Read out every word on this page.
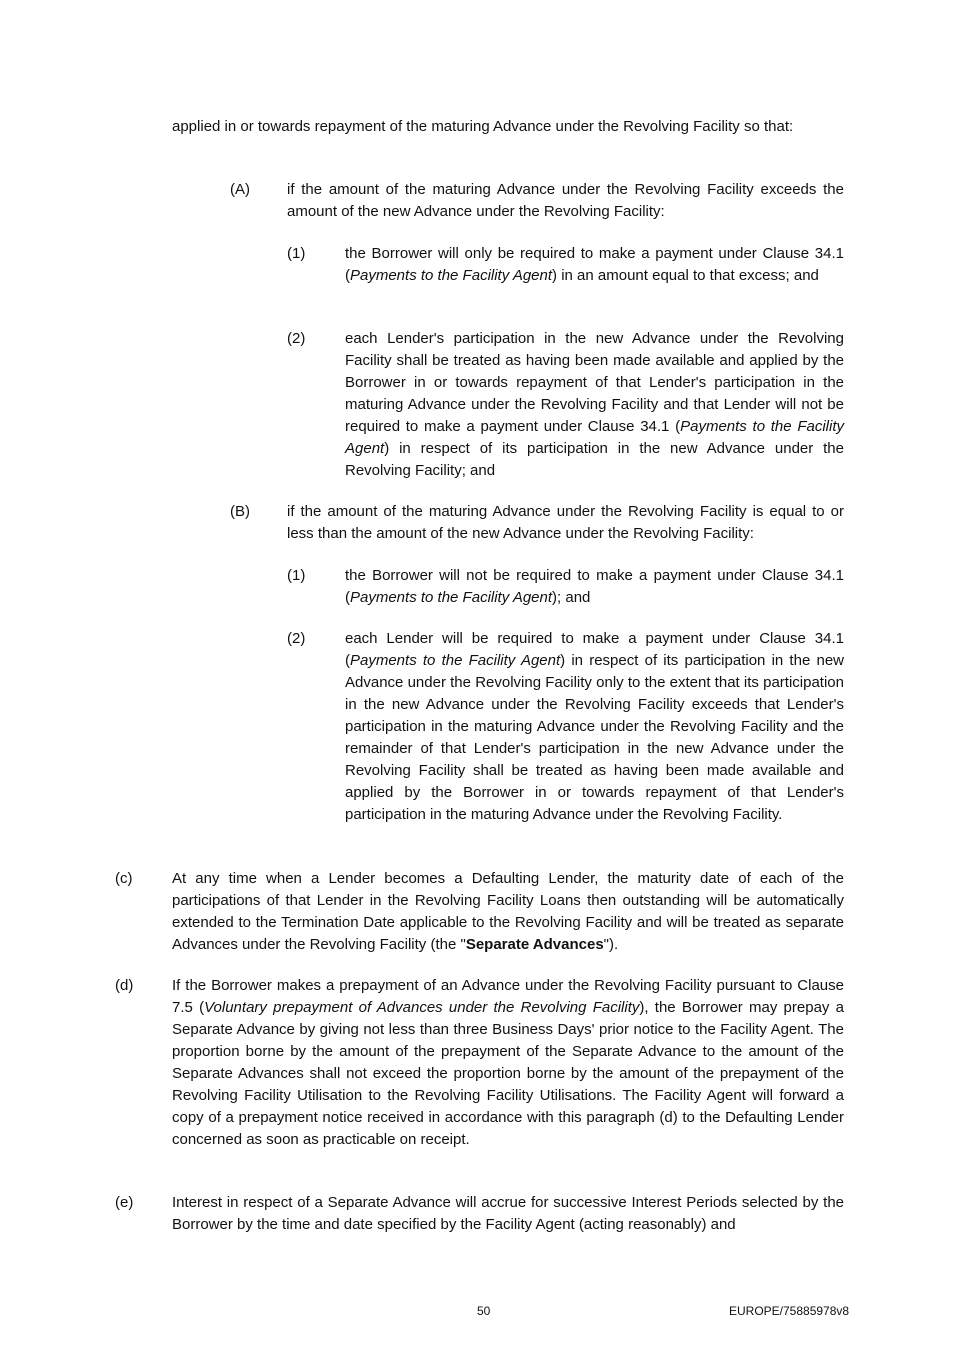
applied in or towards repayment of the maturing Advance under the Revolving Facility so that:

(A) if the amount of the maturing Advance under the Revolving Facility exceeds the amount of the new Advance under the Revolving Facility:

(1)	the Borrower will only be required to make a payment under Clause 34.1 (Payments to the Facility Agent) in an amount equal to that excess; and

(2)	each Lender's participation in the new Advance under the Revolving Facility shall be treated as having been made available and applied by the Borrower in or towards repayment of that Lender's participation in the maturing Advance under the Revolving Facility and that Lender will not be required to make a payment under Clause 34.1 (Payments to the Facility Agent) in respect of its participation in the new Advance under the Revolving Facility; and

(B) if the amount of the maturing Advance under the Revolving Facility is equal to or less than the amount of the new Advance under the Revolving Facility:

(1)	the Borrower will not be required to make a payment under Clause 34.1 (Payments to the Facility Agent); and

(2)	each Lender will be required to make a payment under Clause 34.1 (Payments to the Facility Agent) in respect of its participation in the new Advance under the Revolving Facility only to the extent that its participation in the new Advance under the Revolving Facility exceeds that Lender's participation in the maturing Advance under the Revolving Facility and the remainder of that Lender's participation in the new Advance under the Revolving Facility shall be treated as having been made available and applied by the Borrower in or towards repayment of that Lender's participation in the maturing Advance under the Revolving Facility.

(c)	At any time when a Lender becomes a Defaulting Lender, the maturity date of each of the participations of that Lender in the Revolving Facility Loans then outstanding will be automatically extended to the Termination Date applicable to the Revolving Facility and will be treated as separate Advances under the Revolving Facility (the "Separate Advances").

(d)	If the Borrower makes a prepayment of an Advance under the Revolving Facility pursuant to Clause 7.5 (Voluntary prepayment of Advances under the Revolving Facility), the Borrower may prepay a Separate Advance by giving not less than three Business Days' prior notice to the Facility Agent. The proportion borne by the amount of the prepayment of the Separate Advance to the amount of the Separate Advances shall not exceed the proportion borne by the amount of the prepayment of the Revolving Facility Utilisation to the Revolving Facility Utilisations. The Facility Agent will forward a copy of a prepayment notice received in accordance with this paragraph (d) to the Defaulting Lender concerned as soon as practicable on receipt.

(e)	Interest in respect of a Separate Advance will accrue for successive Interest Periods selected by the Borrower by the time and date specified by the Facility Agent (acting reasonably) and

50	EUROPE/75885978v8
